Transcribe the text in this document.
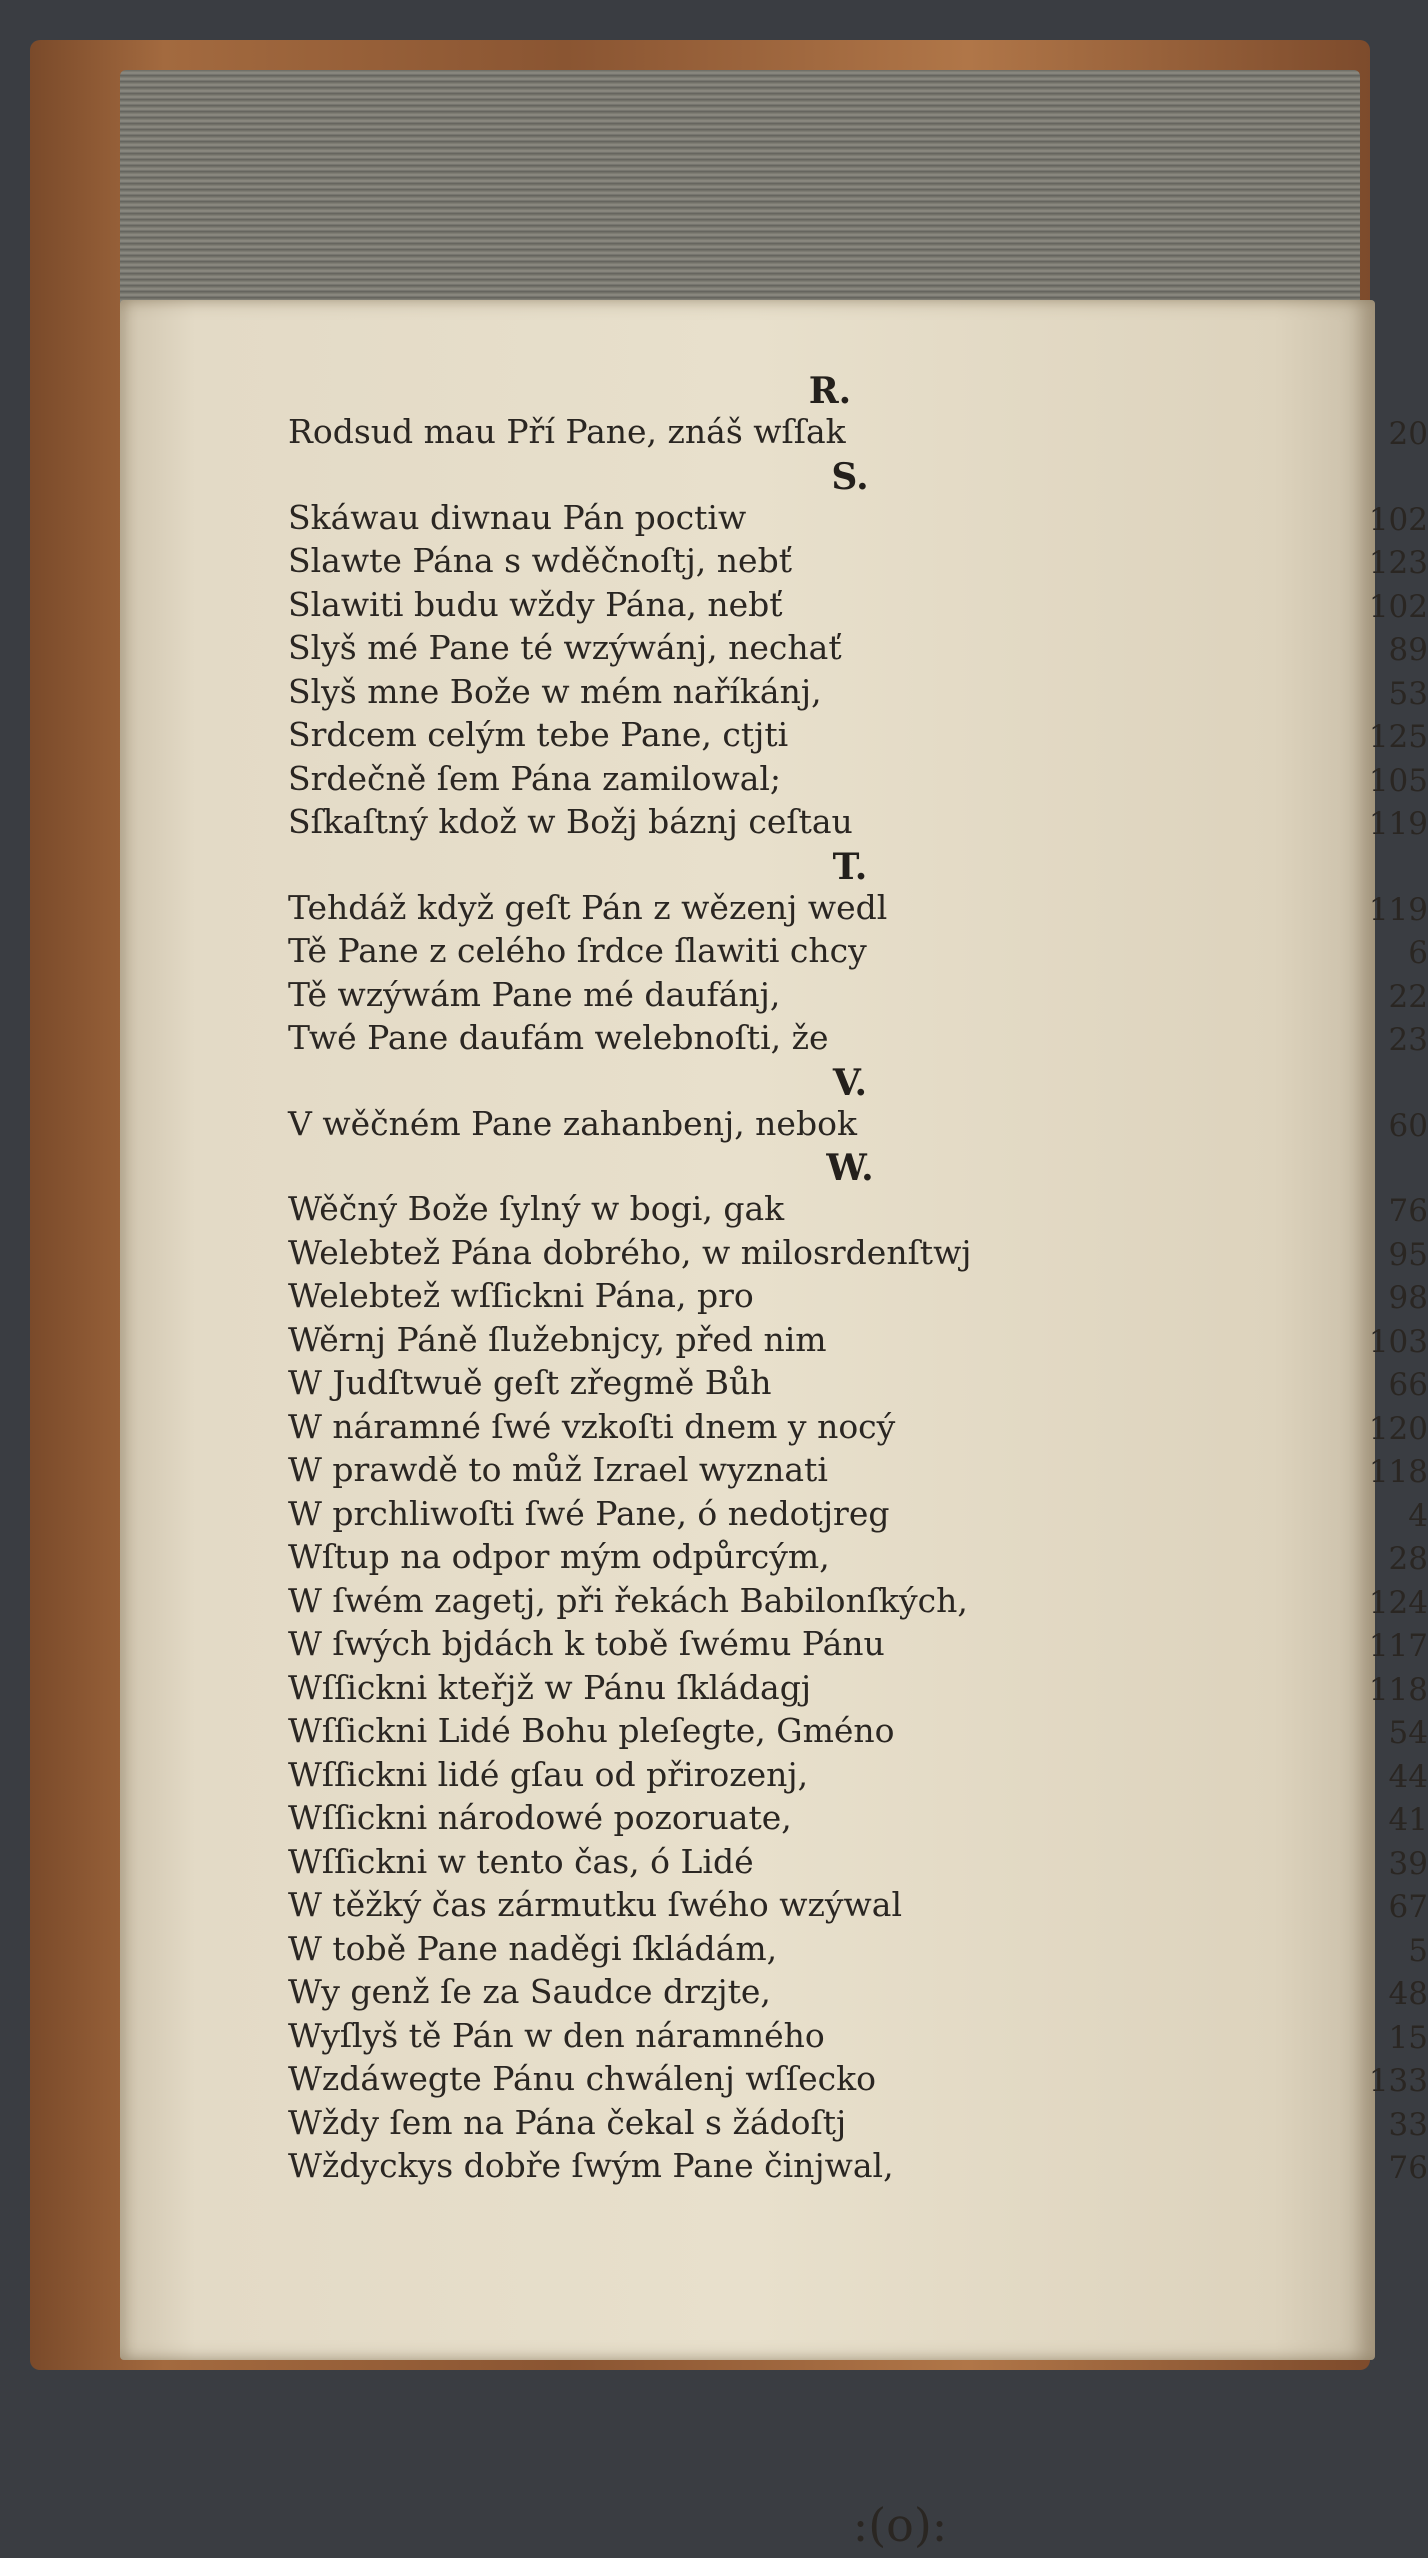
R.
Rodsud mau Pří Pane, znáš wſſak	20
S.
Skáwau diwnau Pán poctiw	102
Slawte Pána s wděčnoſtj, nebť	123
Slawiti budu wždy Pána, nebť	102
Slyš mé Pane té wzýwánj, nechať	89
Slyš mne Bože w mém naříkánj,	53
Srdcem celým tebe Pane, ctjti	125
Srdečně ſem Pána zamilowal;	105
Sſkaſtný kdož w Božj báznj ceſtau	119
T.
Tehdáž když geſt Pán z wězenj wedl	119
Tě Pane z celého ſrdce ſlawiti chcy	6
Tě wzýwám Pane mé daufánj,	22
Twé Pane daufám welebnoſti, že	23
V.
V wěčném Pane zahanbenj, nebok	60
W.
Wěčný Bože ſylný w bogi, gak	76
Welebtež Pána dobrého, w milosrdenſtwj	95
Welebtež wſſickni Pána, pro	98
Wěrnj Páně ſlužebnjcy, před nim	103
W Judſtwuě geſt zřegmě Bůh	66
W náramné ſwé vzkoſti dnem y nocý	120
W prawdě to můž Izrael wyznati	118
W prchliwoſti ſwé Pane, ó nedotjreg	4
Wſtup na odpor mým odpůrcým,	28
W ſwém zagetj, při řekách Babilonſkých,	124
W ſwých bjdách k tobě ſwému Pánu	117
Wſſickni kteřjž w Pánu ſkládagj	118
Wſſickni Lidé Bohu pleſegte, Gméno	54
Wſſickni lidé gſau od přirozenj,	44
Wſſickni národowé pozoruate,	41
Wſſickni w tento čas, ó Lidé	39
W těžký čas zármutku ſwého wzýwal	67
W tobě Pane naděgi ſkládám,	5
Wy genž ſe za Saudce drzjte,	48
Wyſlyš tě Pán w den náramného	15
Wzdáwegte Pánu chwálenj wſſecko	133
Wždy ſem na Pána čekal s žádoſtj	33
Wždyckys dobře ſwým Pane činjwal,	76
:(o):
